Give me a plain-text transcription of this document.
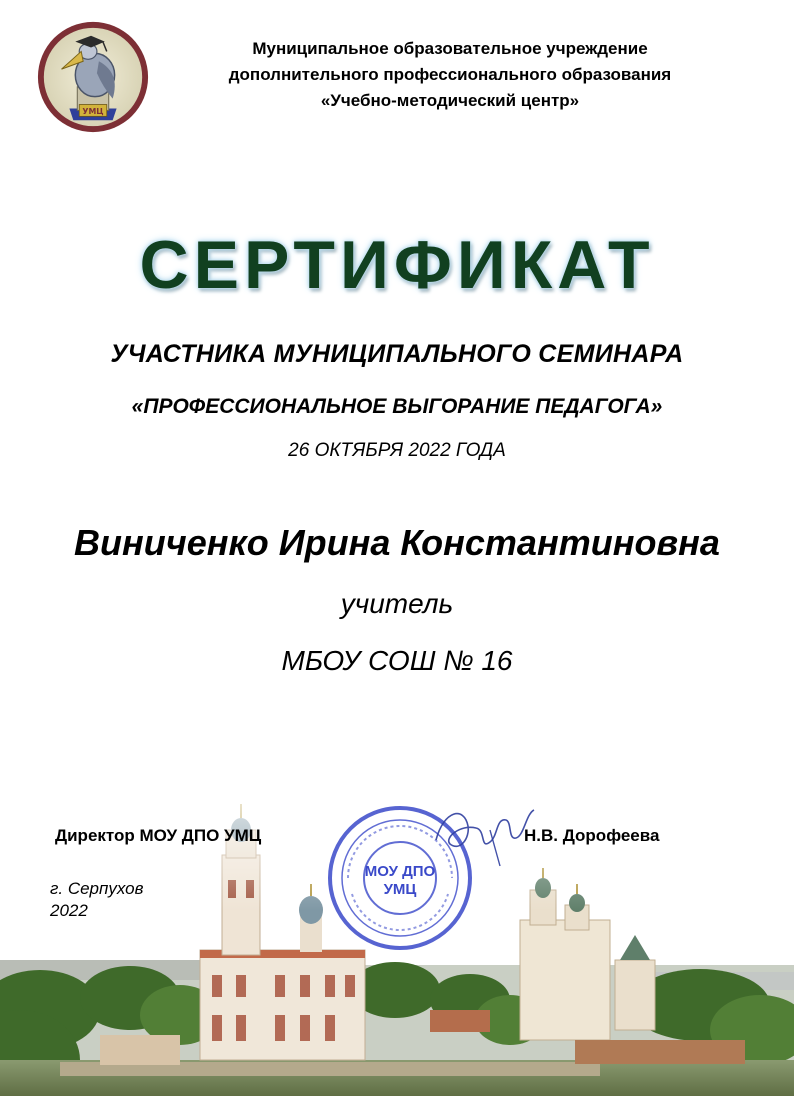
УМЦ
Муниципальное образовательное учреждение
дополнительного профессионального образования
«Учебно-методический центр»
СЕРТИФИКАТ
УЧАСТНИКА МУНИЦИПАЛЬНОГО СЕМИНАРА
«ПРОФЕССИОНАЛЬНОЕ ВЫГОРАНИЕ ПЕДАГОГА»
26 ОКТЯБРЯ 2022 ГОДА
Виниченко Ирина Константиновна
учитель
МБОУ СОШ № 16
Директор МОУ ДПО УМЦ
МОУ ДПО
УМЦ
Н.В. Дорофеева
г. Серпухов
2022
